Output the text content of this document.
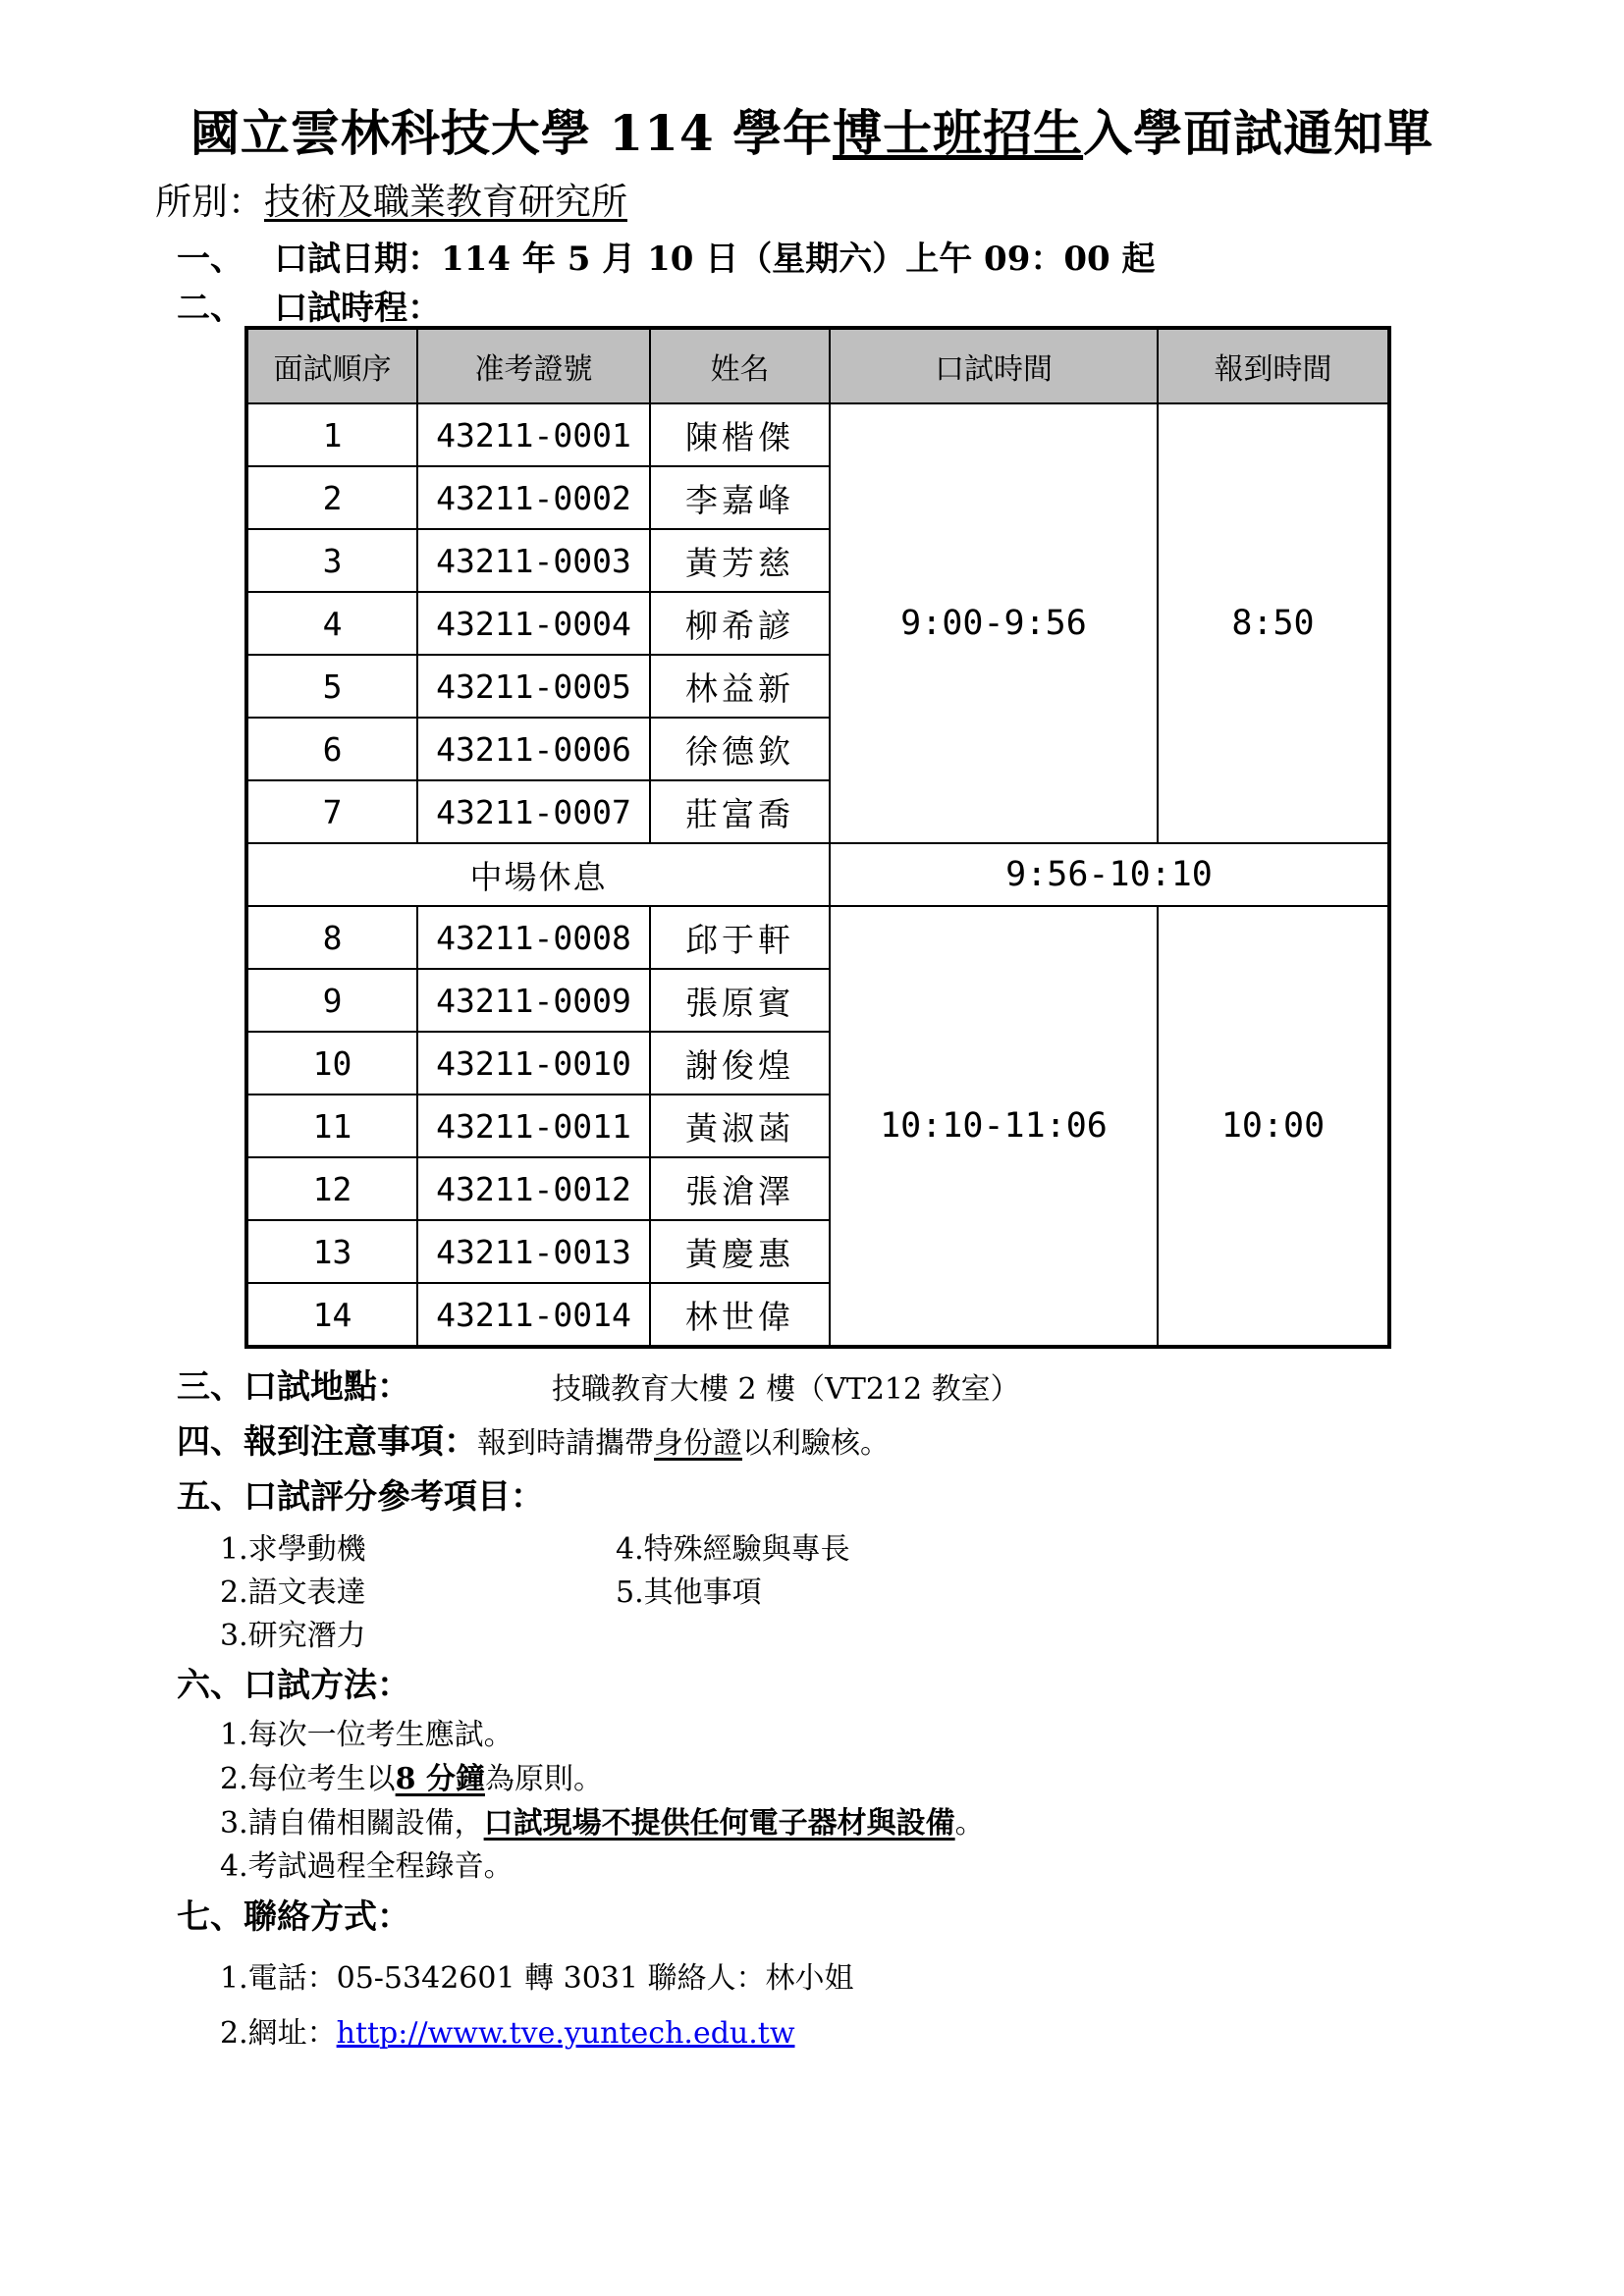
國立雲林科技大學 114 學年博士班招生入學面試通知單
所別：技術及職業教育研究所
一、 口試日期：114 年 5 月 10 日（星期六）上午 09：00 起
二、 口試時程：
面試順序	准考證號	姓名	口試時間	報到時間
1	43211-0001	陳楷傑	9:00-9:56	8:50
2	43211-0002	李嘉峰		
3	43211-0003	黃芳慈		
4	43211-0004	柳希諺		
5	43211-0005	林益新		
6	43211-0006	徐德欽		
7	43211-0007	莊富喬		
中場休息			9:56-10:10	
8	43211-0008	邱于軒	10:10-11:06	10:00
9	43211-0009	張原賓		
10	43211-0010	謝俊煌		
11	43211-0011	黃淑菡		
12	43211-0012	張滄澤		
13	43211-0013	黃慶惠		
14	43211-0014	林世偉		
三、口試地點：	技職教育大樓 2 樓（VT212 教室）
四、報到注意事項：報到時請攜帶身份證以利驗核。
五、口試評分參考項目：
1.求學動機
2.語文表達
3.研究潛力
4.特殊經驗與專長
5.其他事項
六、口試方法：
1.每次一位考生應試。
2.每位考生以8 分鐘為原則。
3.請自備相關設備，口試現場不提供任何電子器材與設備。
4.考試過程全程錄音。
七、聯絡方式：
1.電話：05-5342601 轉 3031 聯絡人：林小姐
2.網址：http://www.tve.yuntech.edu.tw
